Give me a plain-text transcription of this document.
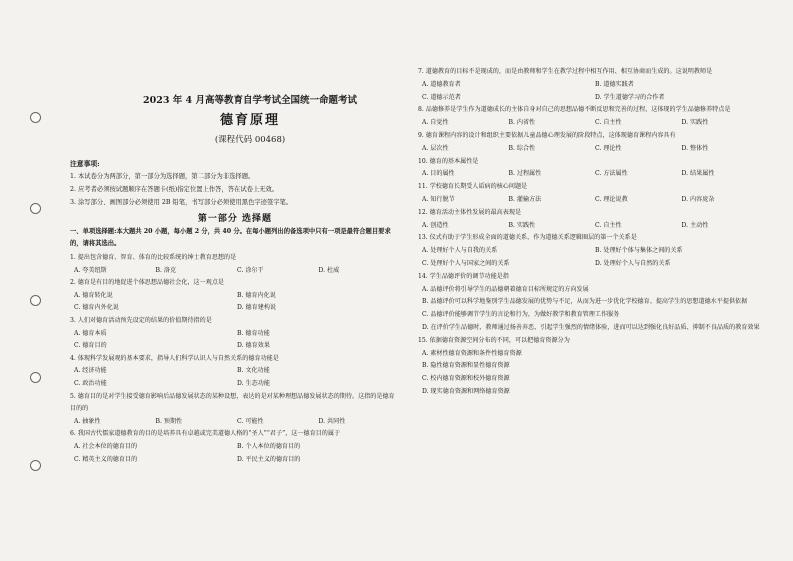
2023 年 4 月高等教育自学考试全国统一命题考试
德育原理
(课程代码 00468)
注意事项:
1. 本试卷分为两部分，第一部分为选择题，第二部分为非选择题。
2. 应考者必须按试题顺序在答题卡(纸)指定位置上作答，答在试卷上无效。
3. 涂写部分、画图部分必须使用 2B 铅笔，书写部分必须使用黑色字迹签字笔。
第一部分 选择题
一、单项选择题:本大题共 20 小题，每小题 2 分，共 40 分。在每小题列出的备选项中只有一项是最符合题目要求的，请将其选出。
1. 提出包含德育、智育、体育的比较系统的绅士教育思想的是
A. 夸美纽斯	B. 洛克	C. 涂尔干	D. 杜威
2. 德育是有目的地促进个体思想品德社会化，这一观点是
A. 德育转化说	B. 德育内化说
C. 德育内外化说	D. 德育建构说
3. 人们对德育活动预先设定的结果的价值期待指的是
A. 德育本质	B. 德育功能
C. 德育目的	D. 德育效果
4. 体现科学发展观的基本要求，指导人们科学认识人与自然关系的德育功能是
A. 经济功能	B. 文化功能
C. 政治功能	D. 生态功能
5. 德育目的是对学生接受德育影响后品德发展状态的某种设想，表达的是对某种理想品德发展状态的期待。这指的是德育目的的
A. 抽象性	B. 预期性	C. 可能性	D. 共同性
6. 我国古代儒家道德教育的目的是培养具有卓越或完美道德人格的“圣人”“君子”，这一德育目的属于
A. 社会本位的德育目的	B. 个人本位的德育目的
C. 精英主义的德育目的	D. 平民主义的德育目的
7. 道德教育的目标不是现成的，而是由教师和学生在教学过程中相互作用、相互协商而生成的。这说明教师是
A. 道德教育者	B. 道德实践者
C. 道德示范者	D. 学生道德学习的合作者
8. 品德修养是学生作为道德成长的主体自身对自己的思想品德不断反思和完善的过程，这体现的学生品德修养特点是
A. 自觉性	B. 内省性	C. 自主性	D. 实践性
9. 德育课程内容的设计和组织主要依据儿童品德心理发展的阶段特点，这体现德育课程内容具有
A. 层次性	B. 综合性	C. 理论性	D. 整体性
10. 德育的基本属性是
A. 目的属性	B. 过程属性	C. 方法属性	D. 结果属性
11. 学校德育长期受人诟病的核心问题是
A. 知行脱节	B. 灌输方法	C. 理论说教	D. 内容庞杂
12. 德育活动主体性发展的最高表现是
A. 创造性	B. 实践性	C. 自主性	D. 主动性
13. 仪式有助于学生形成全面的道德关系，作为道德关系逻辑圈层的第一个关系是
A. 处理好个人与自我的关系	B. 处理好个体与集体之间的关系
C. 处理好个人与国家之间的关系	D. 处理好个人与自然的关系
14. 学生品德评价的调节功能是指
A. 品德评价将引导学生的品德朝着德育目标所规定的方向发展
B. 品德评价可以科学地鉴别学生品德发展的优势与不足，从而为进一步优化学校德育、提高学生的思想道德水平提供依据
C. 品德评价能够调节学生的言论和行为，为做好教学和教育管理工作服务
D. 在评价学生品德时，教师通过扬善弃恶，引起学生强烈的情绪体验，进而可以达到强化良好品质、抑制不良品质的教育效果
15. 依据德育资源空间分布的不同，可以把德育资源分为
A. 素材性德育资源和条件性德育资源
B. 隐性德育资源和显性德育资源
C. 校内德育资源和校外德育资源
D. 现实德育资源和网络德育资源
